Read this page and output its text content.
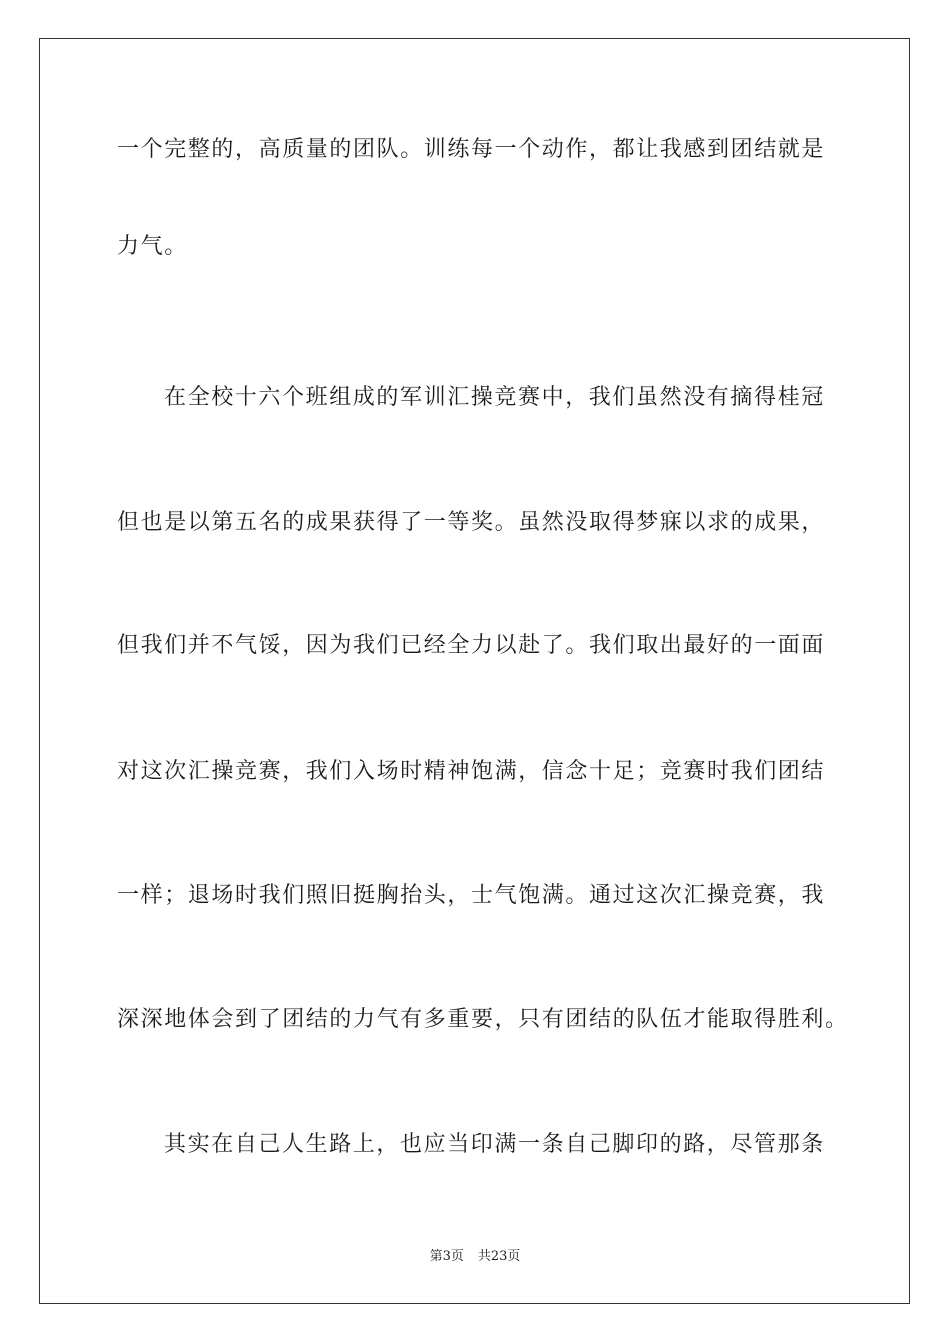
一个完整的，高质量的团队。训练每一个动作，都让我感到团结就是
力气。
在全校十六个班组成的军训汇操竞赛中，我们虽然没有摘得桂冠
但也是以第五名的成果获得了一等奖。虽然没取得梦寐以求的成果，
但我们并不气馁，因为我们已经全力以赴了。我们取出最好的一面面
对这次汇操竞赛，我们入场时精神饱满，信念十足；竞赛时我们团结
一样；退场时我们照旧挺胸抬头，士气饱满。通过这次汇操竞赛，我
深深地体会到了团结的力气有多重要，只有团结的队伍才能取得胜利。
其实在自己人生路上，也应当印满一条自己脚印的路，尽管那条
第3页 共23页
